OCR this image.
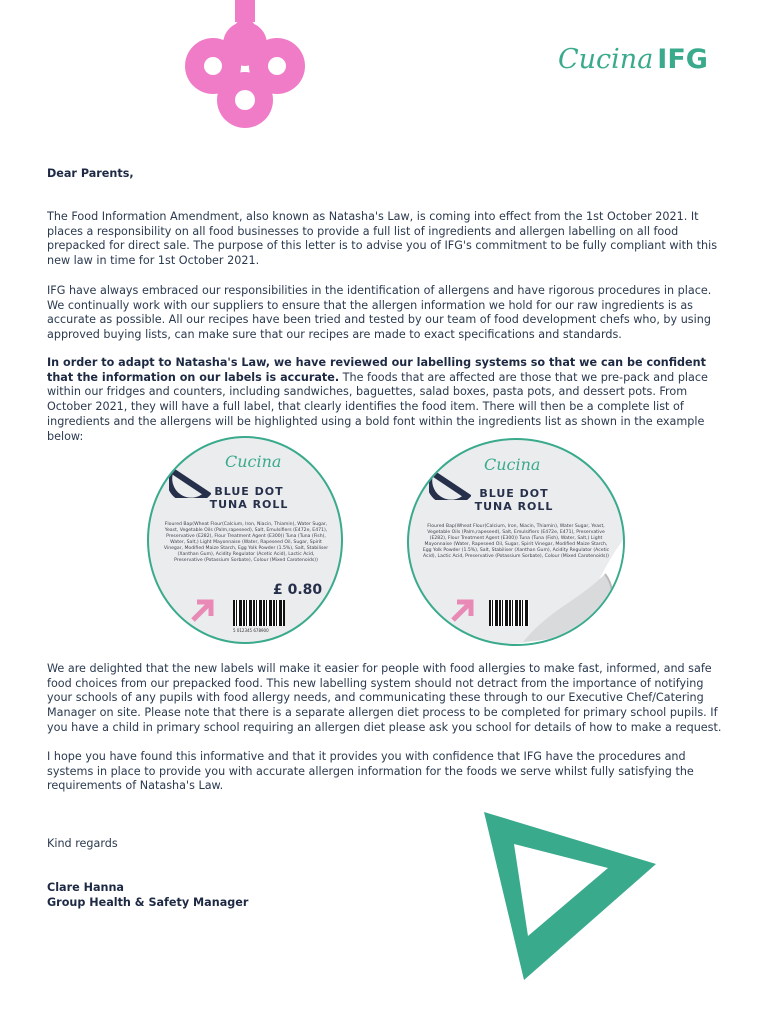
Cucina IFG
Dear Parents,

The Food Information Amendment, also known as Natasha's Law, is coming into effect from the 1st October 2021. It places a responsibility on all food businesses to provide a full list of ingredients and allergen labelling on all food prepacked for direct sale. The purpose of this letter is to advise you of IFG's commitment to be fully compliant with this new law in time for 1st October 2021.

IFG have always embraced our responsibilities in the identification of allergens and have rigorous procedures in place. We continually work with our suppliers to ensure that the allergen information we hold for our raw ingredients is as accurate as possible. All our recipes have been tried and tested by our team of food development chefs who, by using approved buying lists, can make sure that our recipes are made to exact specifications and standards.

In order to adapt to Natasha's Law, we have reviewed our labelling systems so that we can be confident that the information on our labels is accurate. The foods that are affected are those that we pre-pack and place within our fridges and counters, including sandwiches, baguettes, salad boxes, pasta pots, and dessert pots. From October 2021, they will have a full label, that clearly identifies the food item. There will then be a complete list of ingredients and the allergens will be highlighted using a bold font within the ingredients list as shown in the example below:

Cucina
BLUE DOT
TUNA ROLL
Floured Bap(Wheat Flour(Calcium, Iron, Niacin, Thiamin), Water Sugar, Yeast, Vegetable Oils (Palm,rapeseed), Salt, Emulsifiers (E472e, E471), Preservative (E282), Flour Treatment Agent (E300)) Tuna (Tuna (Fish), Water, Salt,) Light Mayonnaise (Water, Rapeseed Oil, Sugar, Spirit Vinegar, Modified Maize Starch, Egg Yolk Powder (1.5%), Salt, Stabiliser (Xanthan Gum), Acidity Regulator (Acetic Acid), Lactic Acid, Preservative (Potassium Sorbate), Colour (Mixed Carotenoids))
£ 0.80
5 012345 678900
Cucina
BLUE DOT
TUNA ROLL
Floured Bap(Wheat Flour(Calcium, Iron, Niacin, Thiamin), Water Sugar, Yeast, Vegetable Oils (Palm,rapeseed), Salt, Emulsifiers (E472e, E471), Preservative (E282), Flour Treatment Agent (E300)) Tuna (Tuna (Fish), Water, Salt,) Light Mayonnaise (Water, Rapeseed Oil, Sugar, Spirit Vinegar, Modified Maize Starch, Egg Yolk Powder (1.5%), Salt, Stabiliser (Xanthan Gum), Acidity Regulator (Acetic Acid), Lactic Acid, Preservative (Potassium Sorbate), Colour (Mixed Carotenoids))

We are delighted that the new labels will make it easier for people with food allergies to make fast, informed, and safe food choices from our prepacked food. This new labelling system should not detract from the importance of notifying your schools of any pupils with food allergy needs, and communicating these through to our Executive Chef/Catering Manager on site. Please note that there is a separate allergen diet process to be completed for primary school pupils. If you have a child in primary school requiring an allergen diet please ask you school for details of how to make a request.

I hope you have found this informative and that it provides you with confidence that IFG have the procedures and systems in place to provide you with accurate allergen information for the foods we serve whilst fully satisfying the requirements of Natasha's Law.

Kind regards
Clare Hanna
Group Health & Safety Manager
